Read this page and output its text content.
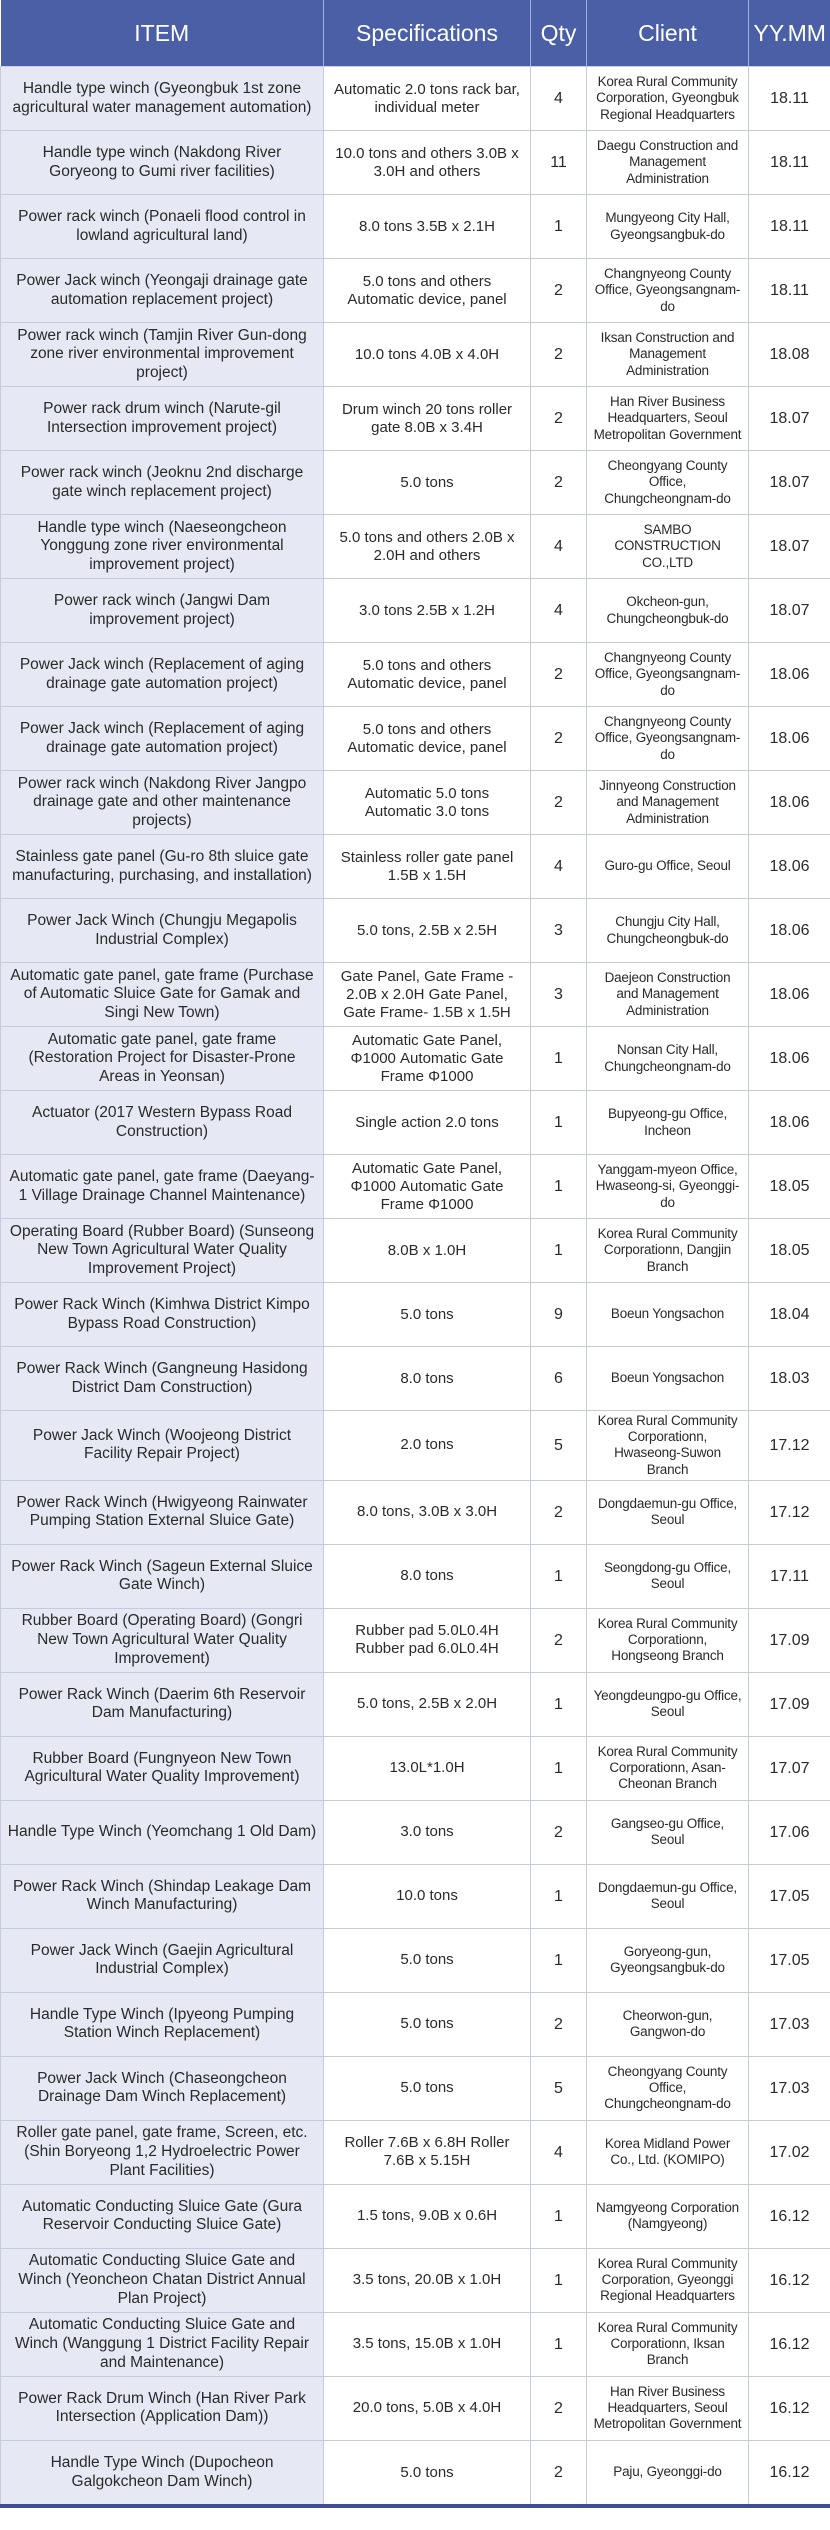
ITEM	Specifications	Qty	Client	YY.MM
Handle type winch (Gyeongbuk 1st zone agricultural water management automation)	Automatic 2.0 tons rack bar, individual meter	4	Korea Rural Community Corporation, Gyeongbuk Regional Headquarters	18.11
Handle type winch (Nakdong River Goryeong to Gumi river facilities)	10.0 tons and others 3.0B x 3.0H and others	11	Daegu Construction and Management Administration	18.11
Power rack winch (Ponaeli flood control in lowland agricultural land)	8.0 tons 3.5B x 2.1H	1	Mungyeong City Hall, Gyeongsangbuk-do	18.11
Power Jack winch (Yeongaji drainage gate automation replacement project)	5.0 tons and others Automatic device, panel	2	Changnyeong County Office, Gyeongsangnam-do	18.11
Power rack winch (Tamjin River Gun-dong zone river environmental improvement project)	10.0 tons 4.0B x 4.0H	2	Iksan Construction and Management Administration	18.08
Power rack drum winch (Narute-gil Intersection improvement project)	Drum winch 20 tons roller gate 8.0B x 3.4H	2	Han River Business Headquarters, Seoul Metropolitan Government	18.07
Power rack winch (Jeoknu 2nd discharge gate winch replacement project)	5.0 tons	2	Cheongyang County Office, Chungcheongnam-do	18.07
Handle type winch (Naeseongcheon Yonggung zone river environmental improvement project)	5.0 tons and others 2.0B x 2.0H and others	4	SAMBO CONSTRUCTION CO.,LTD	18.07
Power rack winch (Jangwi Dam improvement project)	3.0 tons 2.5B x 1.2H	4	Okcheon-gun, Chungcheongbuk-do	18.07
Power Jack winch (Replacement of aging drainage gate automation project)	5.0 tons and others Automatic device, panel	2	Changnyeong County Office, Gyeongsangnam-do	18.06
Power Jack winch (Replacement of aging drainage gate automation project)	5.0 tons and others Automatic device, panel	2	Changnyeong County Office, Gyeongsangnam-do	18.06
Power rack winch (Nakdong River Jangpo drainage gate and other maintenance projects)	Automatic 5.0 tons Automatic 3.0 tons	2	Jinnyeong Construction and Management Administration	18.06
Stainless gate panel (Gu-ro 8th sluice gate manufacturing, purchasing, and installation)	Stainless roller gate panel 1.5B x 1.5H	4	Guro-gu Office, Seoul	18.06
Power Jack Winch (Chungju Megapolis Industrial Complex)	5.0 tons, 2.5B x 2.5H	3	Chungju City Hall, Chungcheongbuk-do	18.06
Automatic gate panel, gate frame (Purchase of Automatic Sluice Gate for Gamak and Singi New Town)	Gate Panel, Gate Frame - 2.0B x 2.0H Gate Panel, Gate Frame- 1.5B x 1.5H	3	Daejeon Construction and Management Administration	18.06
Automatic gate panel, gate frame (Restoration Project for Disaster-Prone Areas in Yeonsan)	Automatic Gate Panel, Φ1000 Automatic Gate Frame Φ1000	1	Nonsan City Hall, Chungcheongnam-do	18.06
Actuator (2017 Western Bypass Road Construction)	Single action 2.0 tons	1	Bupyeong-gu Office, Incheon	18.06
Automatic gate panel, gate frame (Daeyang-1 Village Drainage Channel Maintenance)	Automatic Gate Panel, Φ1000 Automatic Gate Frame Φ1000	1	Yanggam-myeon Office, Hwaseong-si, Gyeonggi-do	18.05
Operating Board (Rubber Board) (Sunseong New Town Agricultural Water Quality Improvement Project)	8.0B x 1.0H	1	Korea Rural Community Corporationn, Dangjin Branch	18.05
Power Rack Winch (Kimhwa District Kimpo Bypass Road Construction)	5.0 tons	9	Boeun Yongsachon	18.04
Power Rack Winch (Gangneung Hasidong District Dam Construction)	8.0 tons	6	Boeun Yongsachon	18.03
Power Jack Winch (Woojeong District Facility Repair Project)	2.0 tons	5	Korea Rural Community Corporationn, Hwaseong-Suwon Branch	17.12
Power Rack Winch (Hwigyeong Rainwater Pumping Station External Sluice Gate)	8.0 tons, 3.0B x 3.0H	2	Dongdaemun-gu Office, Seoul	17.12
Power Rack Winch (Sageun External Sluice Gate Winch)	8.0 tons	1	Seongdong-gu Office, Seoul	17.11
Rubber Board (Operating Board) (Gongri New Town Agricultural Water Quality Improvement)	Rubber pad 5.0L0.4H Rubber pad 6.0L0.4H	2	Korea Rural Community Corporationn, Hongseong Branch	17.09
Power Rack Winch (Daerim 6th Reservoir Dam Manufacturing)	5.0 tons, 2.5B x 2.0H	1	Yeongdeungpo-gu Office, Seoul	17.09
Rubber Board (Fungnyeon New Town Agricultural Water Quality Improvement)	13.0L*1.0H	1	Korea Rural Community Corporationn, Asan-Cheonan Branch	17.07
Handle Type Winch (Yeomchang 1 Old Dam)	3.0 tons	2	Gangseo-gu Office, Seoul	17.06
Power Rack Winch (Shindap Leakage Dam Winch Manufacturing)	10.0 tons	1	Dongdaemun-gu Office, Seoul	17.05
Power Jack Winch (Gaejin Agricultural Industrial Complex)	5.0 tons	1	Goryeong-gun, Gyeongsangbuk-do	17.05
Handle Type Winch (Ipyeong Pumping Station Winch Replacement)	5.0 tons	2	Cheorwon-gun, Gangwon-do	17.03
Power Jack Winch (Chaseongcheon Drainage Dam Winch Replacement)	5.0 tons	5	Cheongyang County Office, Chungcheongnam-do	17.03
Roller gate panel, gate frame, Screen, etc. (Shin Boryeong 1,2 Hydroelectric Power Plant Facilities)	Roller 7.6B x 6.8H Roller 7.6B x 5.15H	4	Korea Midland Power Co., Ltd. (KOMIPO)	17.02
Automatic Conducting Sluice Gate (Gura Reservoir Conducting Sluice Gate)	1.5 tons, 9.0B x 0.6H	1	Namgyeong Corporation (Namgyeong)	16.12
Automatic Conducting Sluice Gate and Winch (Yeoncheon Chatan District Annual Plan Project)	3.5 tons, 20.0B x 1.0H	1	Korea Rural Community Corporation, Gyeonggi Regional Headquarters	16.12
Automatic Conducting Sluice Gate and Winch (Wanggung 1 District Facility Repair and Maintenance)	3.5 tons, 15.0B x 1.0H	1	Korea Rural Community Corporationn, Iksan Branch	16.12
Power Rack Drum Winch (Han River Park Intersection (Application Dam))	20.0 tons, 5.0B x 4.0H	2	Han River Business Headquarters, Seoul Metropolitan Government	16.12
Handle Type Winch (Dupocheon Galgokcheon Dam Winch)	5.0 tons	2	Paju, Gyeonggi-do	16.12
